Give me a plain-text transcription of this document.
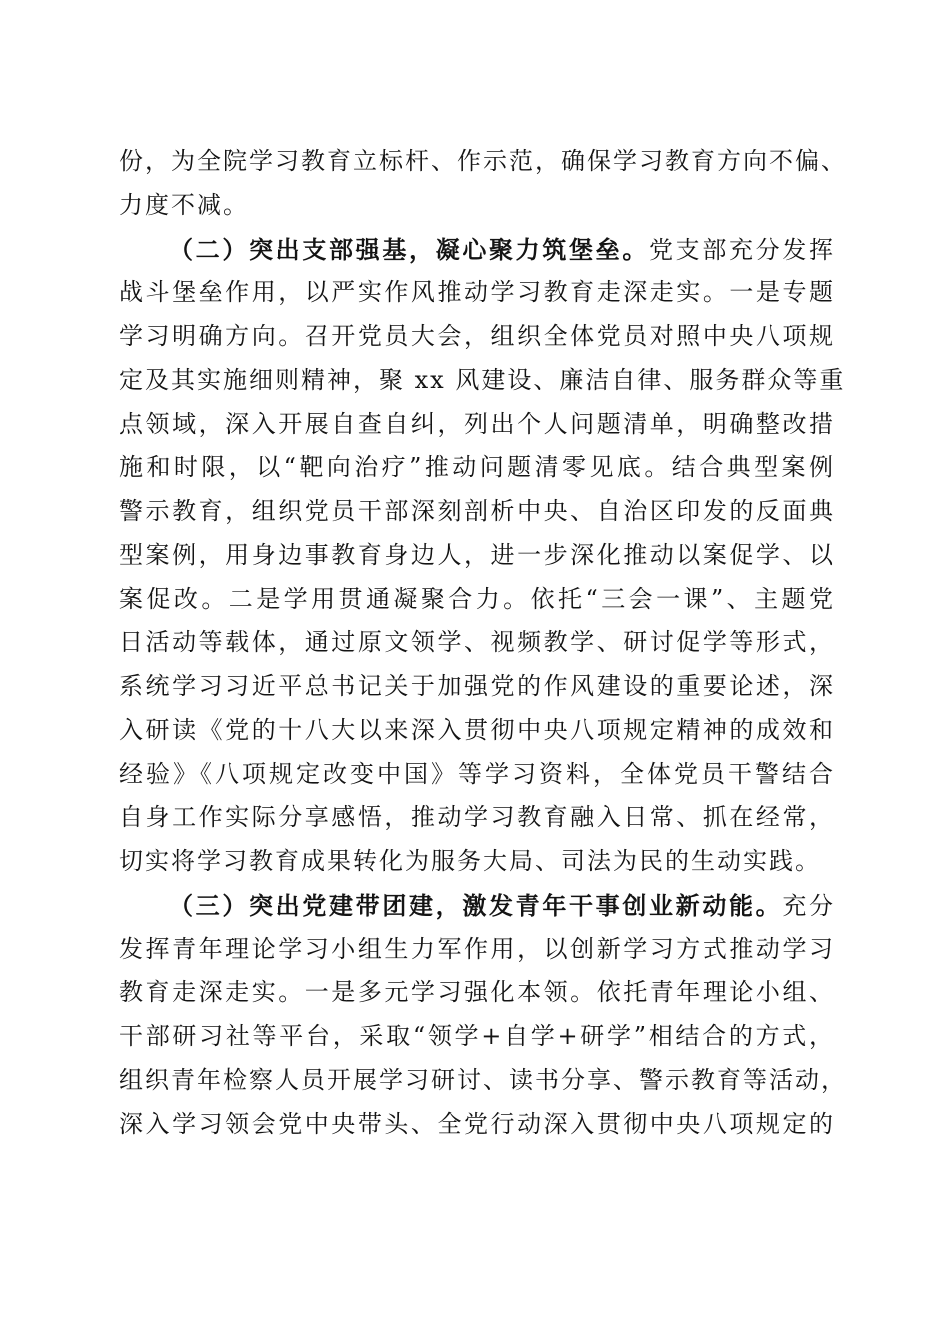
份，为全院学习教育立标杆、作示范，确保学习教育方向不偏、
力度不减。
（二）突出支部强基，凝心聚力筑堡垒。党支部充分发挥
战斗堡垒作用，以严实作风推动学习教育走深走实。一是专题
学习明确方向。召开党员大会，组织全体党员对照中央八项规
定及其实施细则精神，聚 xx 风建设、廉洁自律、服务群众等重
点领域，深入开展自查自纠，列出个人问题清单，明确整改措
施和时限，以“靶向治疗”推动问题清零见底。结合典型案例
警示教育，组织党员干部深刻剖析中央、自治区印发的反面典
型案例，用身边事教育身边人，进一步深化推动以案促学、以
案促改。二是学用贯通凝聚合力。依托“三会一课”、主题党
日活动等载体，通过原文领学、视频教学、研讨促学等形式，
系统学习习近平总书记关于加强党的作风建设的重要论述，深
入研读《党的十八大以来深入贯彻中央八项规定精神的成效和
经验》《八项规定改变中国》等学习资料，全体党员干警结合
自身工作实际分享感悟，推动学习教育融入日常、抓在经常，
切实将学习教育成果转化为服务大局、司法为民的生动实践。
（三）突出党建带团建，激发青年干事创业新动能。充分
发挥青年理论学习小组生力军作用，以创新学习方式推动学习
教育走深走实。一是多元学习强化本领。依托青年理论小组、
干部研习社等平台，采取“领学+自学+研学”相结合的方式，
组织青年检察人员开展学习研讨、读书分享、警示教育等活动，
深入学习领会党中央带头、全党行动深入贯彻中央八项规定的
